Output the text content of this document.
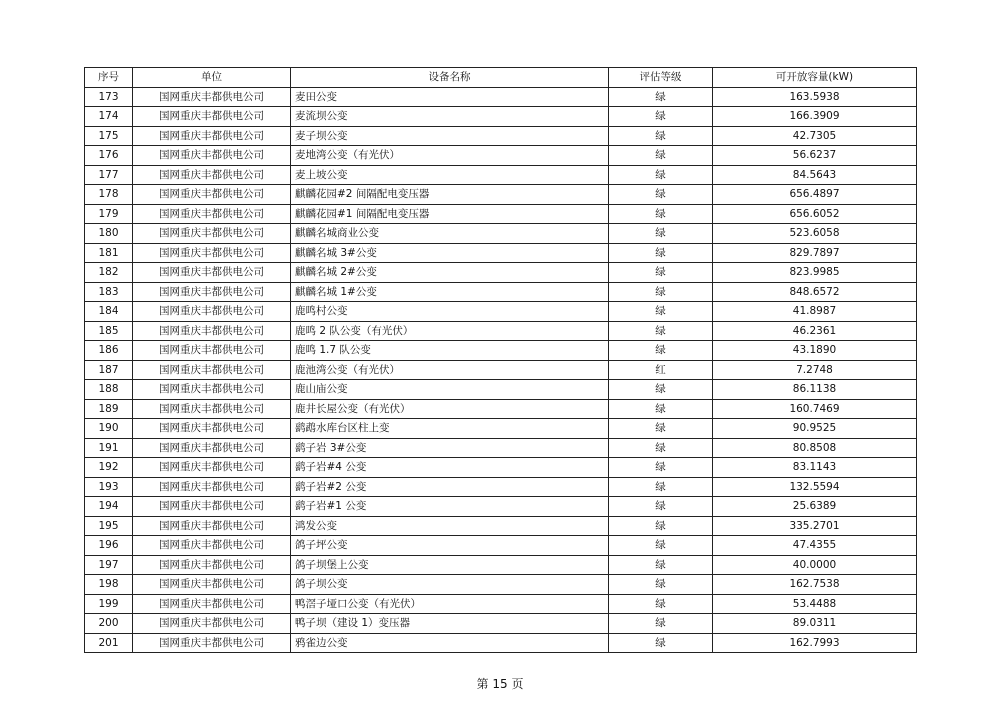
序号	单位	设备名称	评估等级	可开放容量(kW)
173	国网重庆丰都供电公司	麦田公变	绿	163.5938
174	国网重庆丰都供电公司	麦流坝公变	绿	166.3909
175	国网重庆丰都供电公司	麦子坝公变	绿	42.7305
176	国网重庆丰都供电公司	麦地湾公变（有光伏）	绿	56.6237
177	国网重庆丰都供电公司	麦上坡公变	绿	84.5643
178	国网重庆丰都供电公司	麒麟花园#2 间隔配电变压器	绿	656.4897
179	国网重庆丰都供电公司	麒麟花园#1 间隔配电变压器	绿	656.6052
180	国网重庆丰都供电公司	麒麟名城商业公变	绿	523.6058
181	国网重庆丰都供电公司	麒麟名城 3#公变	绿	829.7897
182	国网重庆丰都供电公司	麒麟名城 2#公变	绿	823.9985
183	国网重庆丰都供电公司	麒麟名城 1#公变	绿	848.6572
184	国网重庆丰都供电公司	鹿鸣村公变	绿	41.8987
185	国网重庆丰都供电公司	鹿鸣 2 队公变（有光伏）	绿	46.2361
186	国网重庆丰都供电公司	鹿鸣 1.7 队公变	绿	43.1890
187	国网重庆丰都供电公司	鹿池湾公变（有光伏）	红	7.2748
188	国网重庆丰都供电公司	鹿山庙公变	绿	86.1138
189	国网重庆丰都供电公司	鹿井长屋公变（有光伏）	绿	160.7469
190	国网重庆丰都供电公司	鹞鹉水库台区柱上变	绿	90.9525
191	国网重庆丰都供电公司	鹞子岩 3#公变	绿	80.8508
192	国网重庆丰都供电公司	鹞子岩#4 公变	绿	83.1143
193	国网重庆丰都供电公司	鹞子岩#2 公变	绿	132.5594
194	国网重庆丰都供电公司	鹞子岩#1 公变	绿	25.6389
195	国网重庆丰都供电公司	鸿发公变	绿	335.2701
196	国网重庆丰都供电公司	鸽子坪公变	绿	47.4355
197	国网重庆丰都供电公司	鸽子坝堡上公变	绿	40.0000
198	国网重庆丰都供电公司	鸽子坝公变	绿	162.7538
199	国网重庆丰都供电公司	鸭滘子垭口公变（有光伏）	绿	53.4488
200	国网重庆丰都供电公司	鸭子坝（建设 1）变压器	绿	89.0311
201	国网重庆丰都供电公司	鸦雀边公变	绿	162.7993
第 15 页
